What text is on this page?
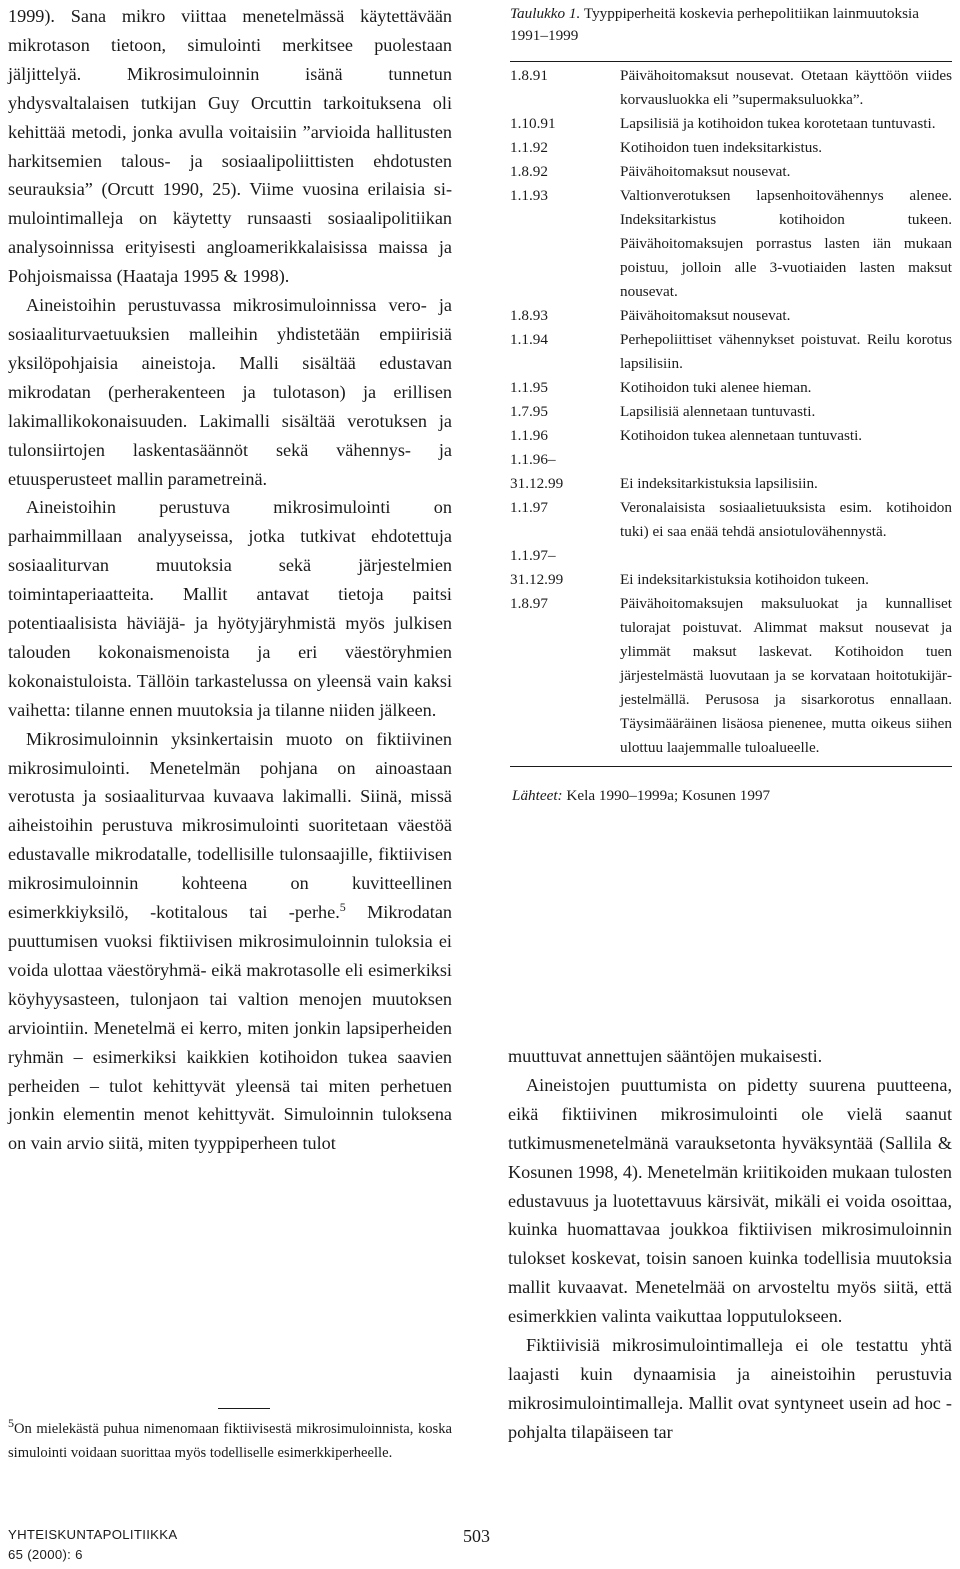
1999). Sana mikro viittaa menetelmässä käytettävään mikrotason tietoon, simulointi merkitsee puolestaan jäljittelyä. Mikrosimuloinnin isänä tunnetun yhdysvaltalaisen tutkijan Guy Orcuttin tarkoituksena oli kehittää metodi, jonka avulla voitaisiin ”arvioida hallitusten harkitsemien talous- ja sosiaalipoliittisten ehdotusten seurauksia” (Orcutt 1990, 25). Viime vuosina erilaisia simulointimalleja on käytetty runsaasti sosiaalipolitiikan analysoinnissa erityisesti angloamerikkalaisissa maissa ja Pohjoismaissa (Haataja 1995 & 1998).

Aineistoihin perustuvassa mikrosimuloinnissa vero- ja sosiaaliturvaetuuksien malleihin yhdistetään empiirisiä yksilöpohjaisia aineistoja. Malli sisältää edustavan mikrodatan (perherakenteen ja tulotason) ja erillisen lakimallikokonaisuuden. Lakimalli sisältää verotuksen ja tulonsiirtojen laskentasäännöt sekä vähennys- ja etuusperusteet mallin parametreinä.

Aineistoihin perustuva mikrosimulointi on parhaimmillaan analyyseissa, jotka tutkivat ehdotettuja sosiaaliturvan muutoksia sekä järjestelmien toimintaperiaatteita. Mallit antavat tietoja paitsi potentiaalisista häviäjä- ja hyötyjäryhmistä myös julkisen talouden kokonaismenoista ja eri väestöryhmien kokonaistuloista. Tällöin tarkastelussa on yleensä vain kaksi vaihetta: tilanne ennen muutoksia ja tilanne niiden jälkeen.

Mikrosimuloinnin yksinkertaisin muoto on fiktiivinen mikrosimulointi. Menetelmän pohjana on ainoastaan verotusta ja sosiaaliturvaa kuvaava lakimalli. Siinä, missä aiheistoihin perustuva mikrosimulointi suoritetaan väestöä edustavalle mikrodatalle, todellisille tulonsaajille, fiktiivisen mikrosimuloinnin kohteena on kuvitteellinen esimerkkiyksilö, -kotitalous tai -perhe.$^5$ Mikrodatan puuttumisen vuoksi fiktiivisen mikrosimuloinnin tuloksia ei voida ulottaa väestöryhmä- eikä makrotasolle eli esimerkiksi köyhyysasteen, tulonjaon tai valtion menojen muutoksen arviointiin. Menetelmä ei kerro, miten jonkin lapsiperheiden ryhmän – esimerkiksi kaikkien kotihoidon tukea saavien perheiden – tulot kehittyvät yleensä tai miten perhetuen jonkin elementin menot kehittyvät. Simuloinnin tuloksena on vain arvio siitä, miten tyyppiperheen tulot

$^5$On mielekästä puhua nimenomaan fiktiivisestä mikrosimuloinnista, koska simulointi voidaan suorittaa myös todelliselle esimerkkiperheelle.
Taulukko 1. Tyyppiperheitä koskevia perhepolitiikan lainmuutoksia 1991–1999
1.8.91	Päivähoitomaksut nousevat. Otetaan käyttöön viides korvausluokka eli ”supermaksuluokka”.
1.10.91	Lapsilisiä ja kotihoidon tukea korotetaan tuntuvasti.
1.1.92	Kotihoidon tuen indeksitarkistus.
1.8.92	Päivähoitomaksut nousevat.
1.1.93	Valtionverotuksen lapsenhoitovähennys alenee. Indeksitarkistus kotihoidon tukeen. Päivähoitomaksujen porrastus lasten iän mukaan poistuu, jolloin alle 3-vuotiaiden lasten maksut nousevat.
1.8.93	Päivähoitomaksut nousevat.
1.1.94	Perhepoliittiset vähennykset poistuvat. Reilu korotus lapsilisiin.
1.1.95	Kotihoidon tuki alenee hieman.
1.7.95	Lapsilisiä alennetaan tuntuvasti.
1.1.96	Kotihoidon tukea alennetaan tuntuvasti.
1.1.96–
31.12.99	Ei indeksitarkistuksia lapsilisiin.
1.1.97	Veronalaisista sosiaalietuuksista esim. kotihoidon tuki) ei saa enää tehdä ansiotulovähennystä.
1.1.97–
31.12.99	Ei indeksitarkistuksia kotihoidon tukeen.
1.8.97	Päivähoitomaksujen maksuluokat ja kunnalliset tulorajat poistuvat. Alimmat maksut nousevat ja ylimmät maksut laskevat. Kotihoidon tuen järjestelmästä luovutaan ja se korvataan hoitotukijärjestelmällä. Perusosa ja sisarkorotus ennallaan. Täysimääräinen lisäosa pienenee, mutta oikeus siihen ulottuu laajemmalle tuloalueelle.
Lähteet: Kela 1990–1999a; Kosunen 1997

muuttuvat annettujen sääntöjen mukaisesti.

Aineistojen puuttumista on pidetty suurena puutteena, eikä fiktiivinen mikrosimulointi ole vielä saanut tutkimusmenetelmänä varauksetonta hyväksyntää (Sallila & Kosunen 1998, 4). Menetelmän kriitikoiden mukaan tulosten edustavuus ja luotettavuus kärsivät, mikäli ei voida osoittaa, kuinka huomattavaa joukkoa fiktiivisen mikrosimuloinnin tulokset koskevat, toisin sanoen kuinka todellisia muutoksia mallit kuvaavat. Menetelmää on arvosteltu myös siitä, että esimerkkien valinta vaikuttaa lopputulokseen.

Fiktiivisiä mikrosimulointimalleja ei ole testattu yhtä laajasti kuin dynaamisia ja aineistoihin perustuvia mikrosimulointimalleja. Mallit ovat syntyneet usein ad hoc -pohjalta tilapäiseen tar

YHTEISKUNTAPOLITIIKKA
65 (2000): 6
503
